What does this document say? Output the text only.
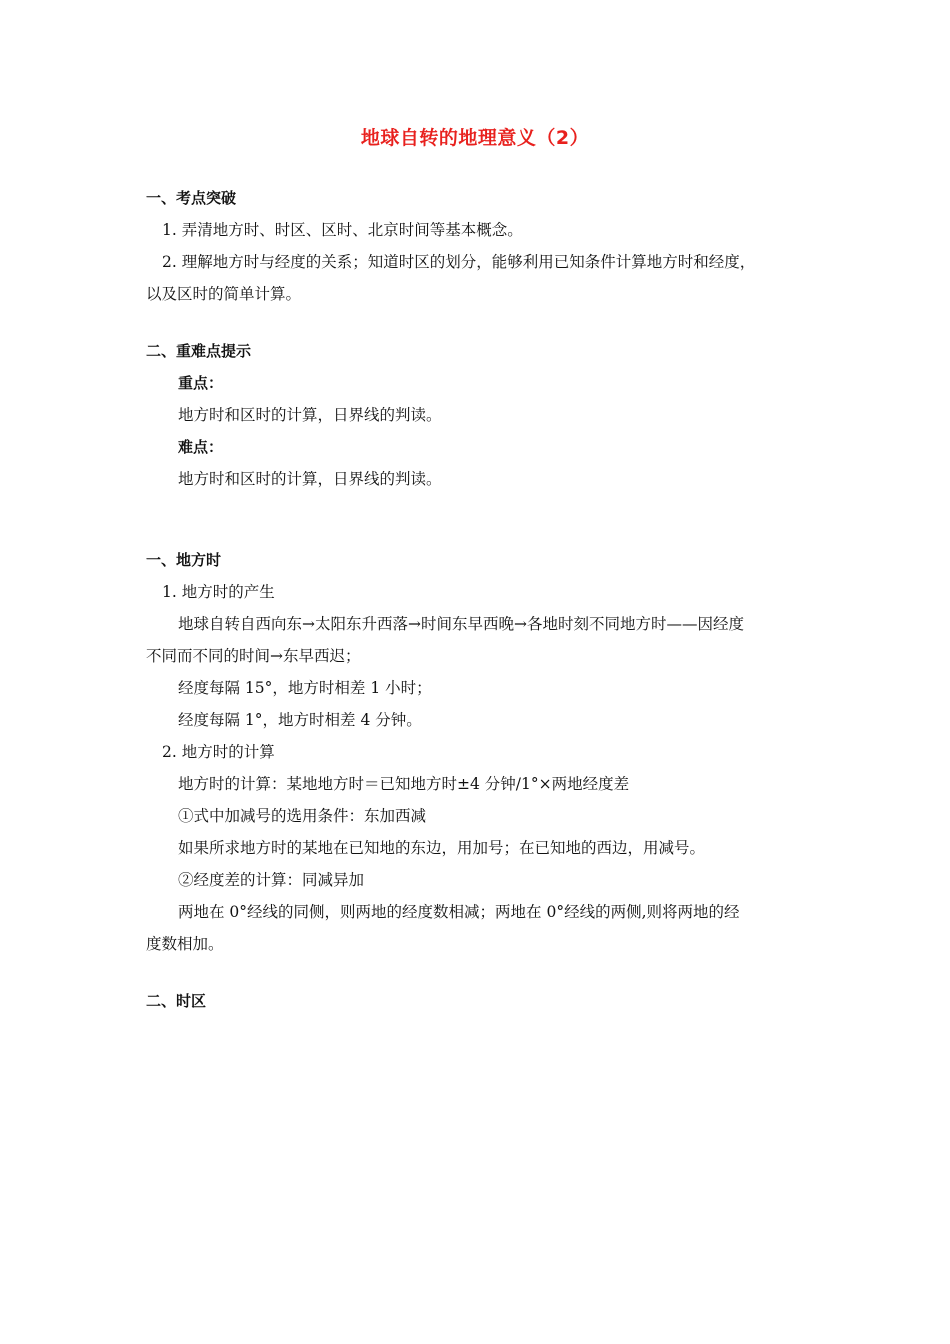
地球自转的地理意义（2）
一、考点突破
1. 弄清地方时、时区、区时、北京时间等基本概念。
2. 理解地方时与经度的关系；知道时区的划分，能够利用已知条件计算地方时和经度，
以及区时的简单计算。
二、重难点提示
重点：
地方时和区时的计算，日界线的判读。
难点：
地方时和区时的计算，日界线的判读。
一、地方时
1. 地方时的产生
地球自转自西向东→太阳东升西落→时间东早西晚→各地时刻不同地方时——因经度
不同而不同的时间→东早西迟；
经度每隔 15°，地方时相差 1 小时；
经度每隔 1°，地方时相差 4 分钟。
2. 地方时的计算
地方时的计算：某地地方时＝已知地方时±4 分钟/1°×两地经度差
①式中加减号的选用条件：东加西减
如果所求地方时的某地在已知地的东边，用加号；在已知地的西边，用减号。
②经度差的计算：同减异加
两地在 0°经线的同侧，则两地的经度数相减；两地在 0°经线的两侧,则将两地的经
度数相加。
二、时区
